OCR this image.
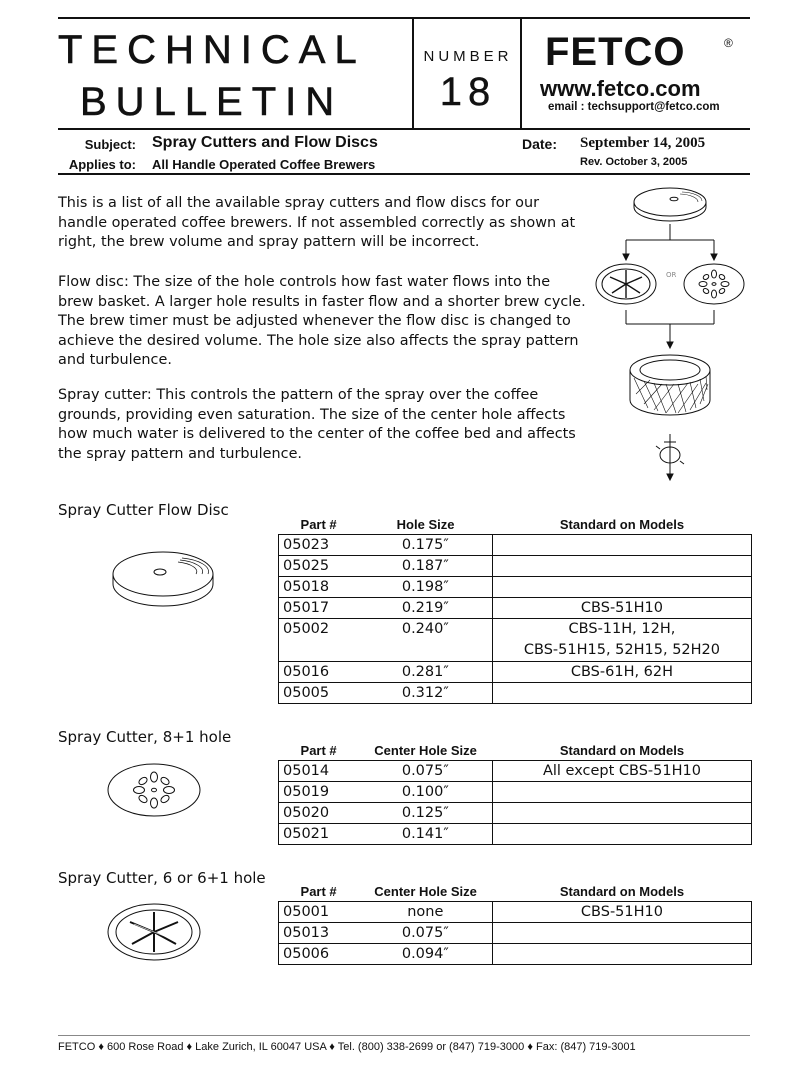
TECHNICAL
BULLETIN
NUMBER
18
FETCO	®
www.fetco.com
email : techsupport@fetco.com
Subject: Spray Cutters and Flow Discs
Applies to: All Handle Operated Coffee Brewers
Date: September 14, 2005
Rev. October 3, 2005
This is a list of all the available spray cutters and flow discs for our handle operated coffee brewers. If not assembled correctly as shown at right, the brew volume and spray pattern will be incorrect.
Flow disc: The size of the hole controls how fast water flows into the brew basket. A larger hole results in faster flow and a shorter brew cycle. The brew timer must be adjusted whenever the flow disc is changed to achieve the desired volume. The hole size also affects the spray pattern and turbulence.
Spray cutter: This controls the pattern of the spray over the coffee grounds, providing even saturation. The size of the center hole affects how much water is delivered to the center of the coffee bed and affects the spray pattern and turbulence.
OR
Spray Cutter Flow Disc
Part #	Hole Size	Standard on Models
05023	0.175″	
05025	0.187″	
05018	0.198″	
05017	0.219″	CBS-51H10
05002	0.240″	CBS-11H, 12H,
CBS-51H15, 52H15, 52H20
05016	0.281″	CBS-61H, 62H
05005	0.312″	
Spray Cutter, 8+1 hole
Part #	Center Hole Size	Standard on Models
05014	0.075″	All except CBS-51H10
05019	0.100″	
05020	0.125″	
05021	0.141″	
Spray Cutter, 6 or 6+1 hole
Part #	Center Hole Size	Standard on Models
05001	none	CBS-51H10
05013	0.075″	
05006	0.094″	
FETCO ♦ 600 Rose Road ♦ Lake Zurich, IL 60047 USA ♦ Tel. (800) 338-2699 or (847) 719-3000 ♦ Fax: (847) 719-3001
